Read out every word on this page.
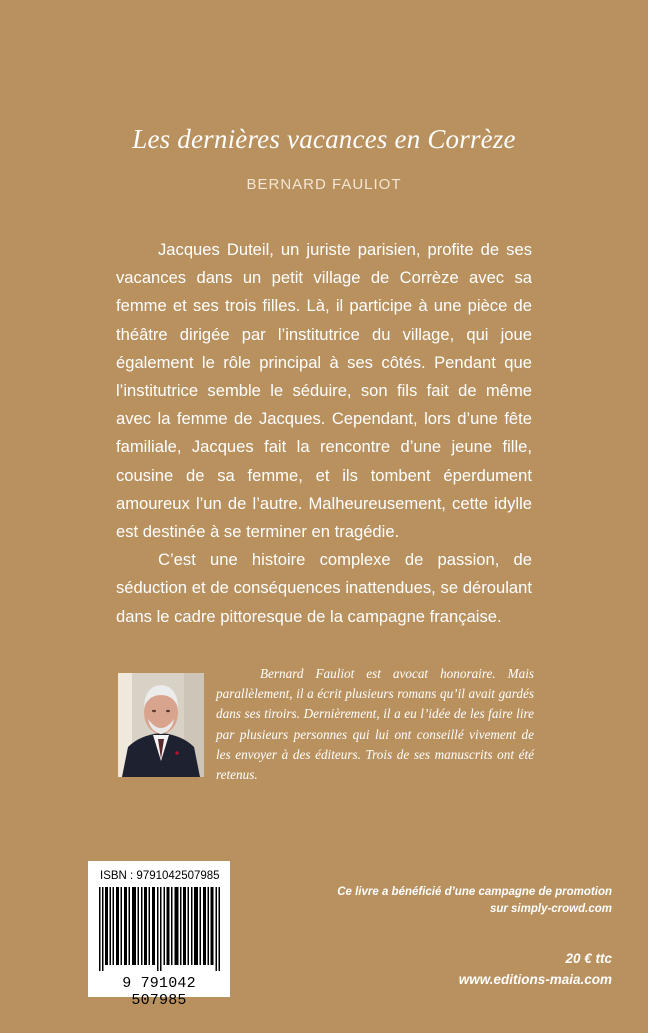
Les dernières vacances en Corrèze
BERNARD FAULIOT

Jacques Duteil, un juriste parisien, profite de ses vacances dans un petit village de Corrèze avec sa femme et ses trois filles. Là, il participe à une pièce de théâtre dirigée par l’institutrice du village, qui joue également le rôle principal à ses côtés. Pendant que l’institutrice semble le séduire, son fils fait de même avec la femme de Jacques. Cependant, lors d’une fête familiale, Jacques fait la rencontre d’une jeune fille, cousine de sa femme, et ils tombent éperdument amoureux l’un de l’autre. Malheureusement, cette idylle est destinée à se terminer en tragédie.

C’est une histoire complexe de passion, de séduction et de conséquences inattendues, se déroulant dans le cadre pittoresque de la campagne française.

Bernard Fauliot est avocat honoraire. Mais parallèlement, il a écrit plusieurs romans qu’il avait gardés dans ses tiroirs. Dernièrement, il a eu l’idée de les faire lire par plusieurs personnes qui lui ont conseillé vivement de les envoyer à des éditeurs. Trois de ses manuscrits ont été retenus.

ISBN : 9791042507985
9 791042 507985
Ce livre a bénéficié d’une campagne de promotion
sur simply-crowd.com
20 € ttc
www.editions-maia.com
